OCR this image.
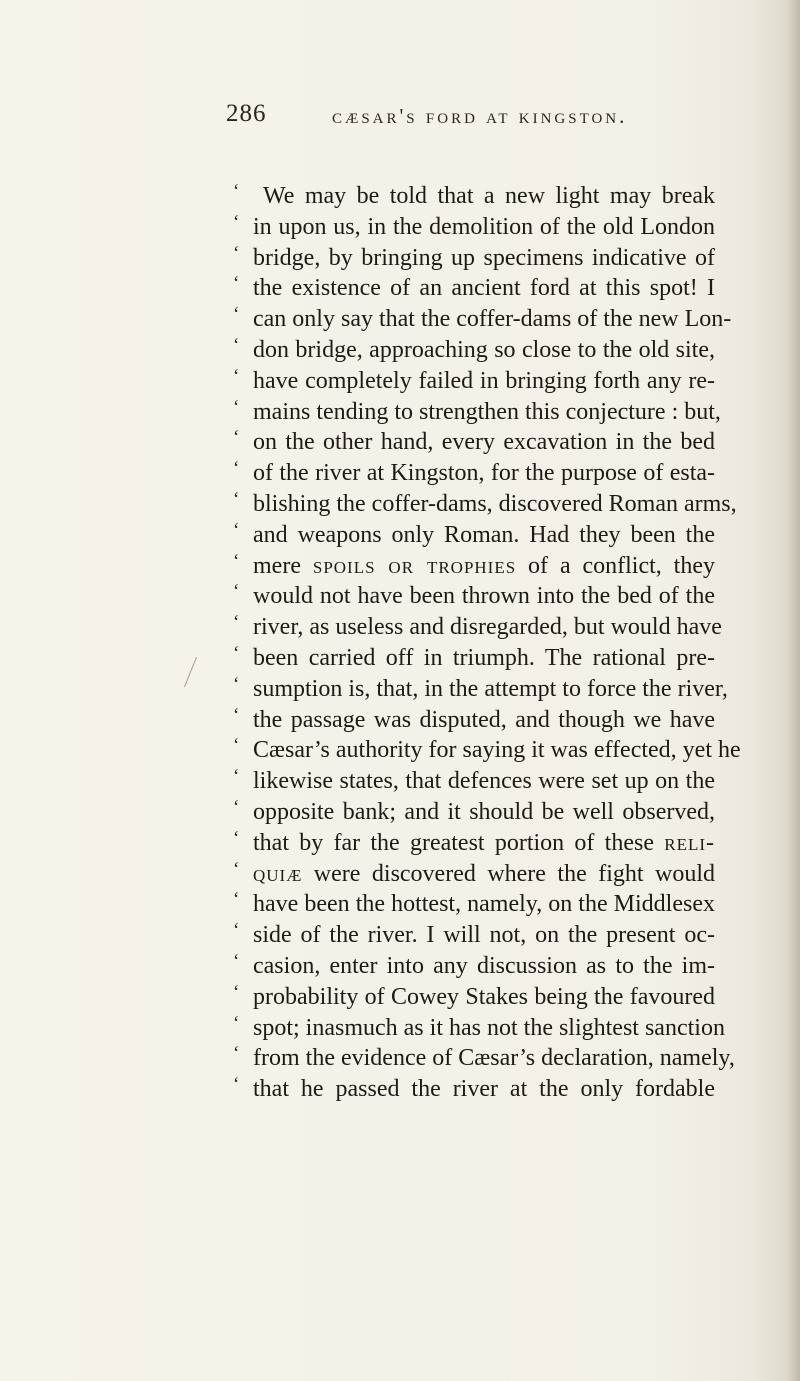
286	cæsar's ford at kingston.
‘ We may be told that a new light may break
‘ in upon us, in the demolition of the old London
‘ bridge, by bringing up specimens indicative of
‘ the existence of an ancient ford at this spot! I
‘ can only say that the coffer-dams of the new Lon-
‘ don bridge, approaching so close to the old site,
‘ have completely failed in bringing forth any re-
‘ mains tending to strengthen this conjecture : but,
‘ on the other hand, every excavation in the bed
‘ of the river at Kingston, for the purpose of esta-
‘ blishing the coffer-dams, discovered Roman arms,
‘ and weapons only Roman. Had they been the
‘ mere spoils or trophies of a conflict, they
‘ would not have been thrown into the bed of the
‘ river, as useless and disregarded, but would have
‘ been carried off in triumph. The rational pre-
‘ sumption is, that, in the attempt to force the river,
‘ the passage was disputed, and though we have
‘ Cæsar’s authority for saying it was effected, yet he
‘ likewise states, that defences were set up on the
‘ opposite bank; and it should be well observed,
‘ that by far the greatest portion of these reli-
‘ quiæ were discovered where the fight would
‘ have been the hottest, namely, on the Middlesex
‘ side of the river. I will not, on the present oc-
‘ casion, enter into any discussion as to the im-
‘ probability of Cowey Stakes being the favoured
‘ spot; inasmuch as it has not the slightest sanction
‘ from the evidence of Cæsar’s declaration, namely,
‘ that he passed the river at the only fordable
